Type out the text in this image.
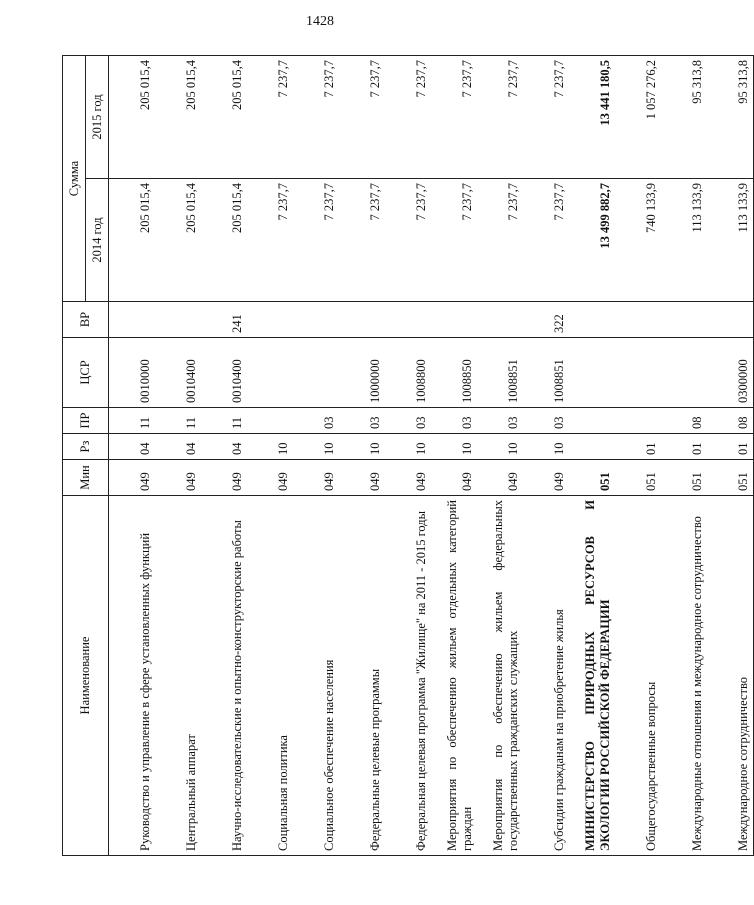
1428
Наименование	Мин	Рз	ПР	ЦСР	ВР	Сумма	
						2014 год	2015 год
Руководство и управление в сфере установленных функций	049	04	11	0010000		205 015,4	205 015,4
Центральный аппарат	049	04	11	0010400		205 015,4	205 015,4
Научно-исследовательские и опытно-конструкторские работы	049	04	11	0010400	241	205 015,4	205 015,4
Социальная политика	049	10				7 237,7	7 237,7
Социальное обеспечение населения	049	10	03			7 237,7	7 237,7
Федеральные целевые программы	049	10	03	1000000		7 237,7	7 237,7
Федеральная целевая программа "Жилище" на 2011 - 2015 годы	049	10	03	1008800		7 237,7	7 237,7
Мероприятия по обеспечению жильем отдельных категорий граждан	049	10	03	1008850		7 237,7	7 237,7
Мероприятия по обеспечению жильем федеральных государственных гражданских служащих	049	10	03	1008851		7 237,7	7 237,7
Субсидии гражданам на приобретение жилья	049	10	03	1008851	322	7 237,7	7 237,7
МИНИСТЕРСТВО ПРИРОДНЫХ РЕСУРСОВ И ЭКОЛОГИИ РОССИЙСКОЙ ФЕДЕРАЦИИ	051					13 499 882,7	13 441 180,5
Общегосударственные вопросы	051	01				740 133,9	1 057 276,2
Международные отношения и международное сотрудничество	051	01	08			113 133,9	95 313,8
Международное сотрудничество	051	01	08	0300000		113 133,9	95 313,8
